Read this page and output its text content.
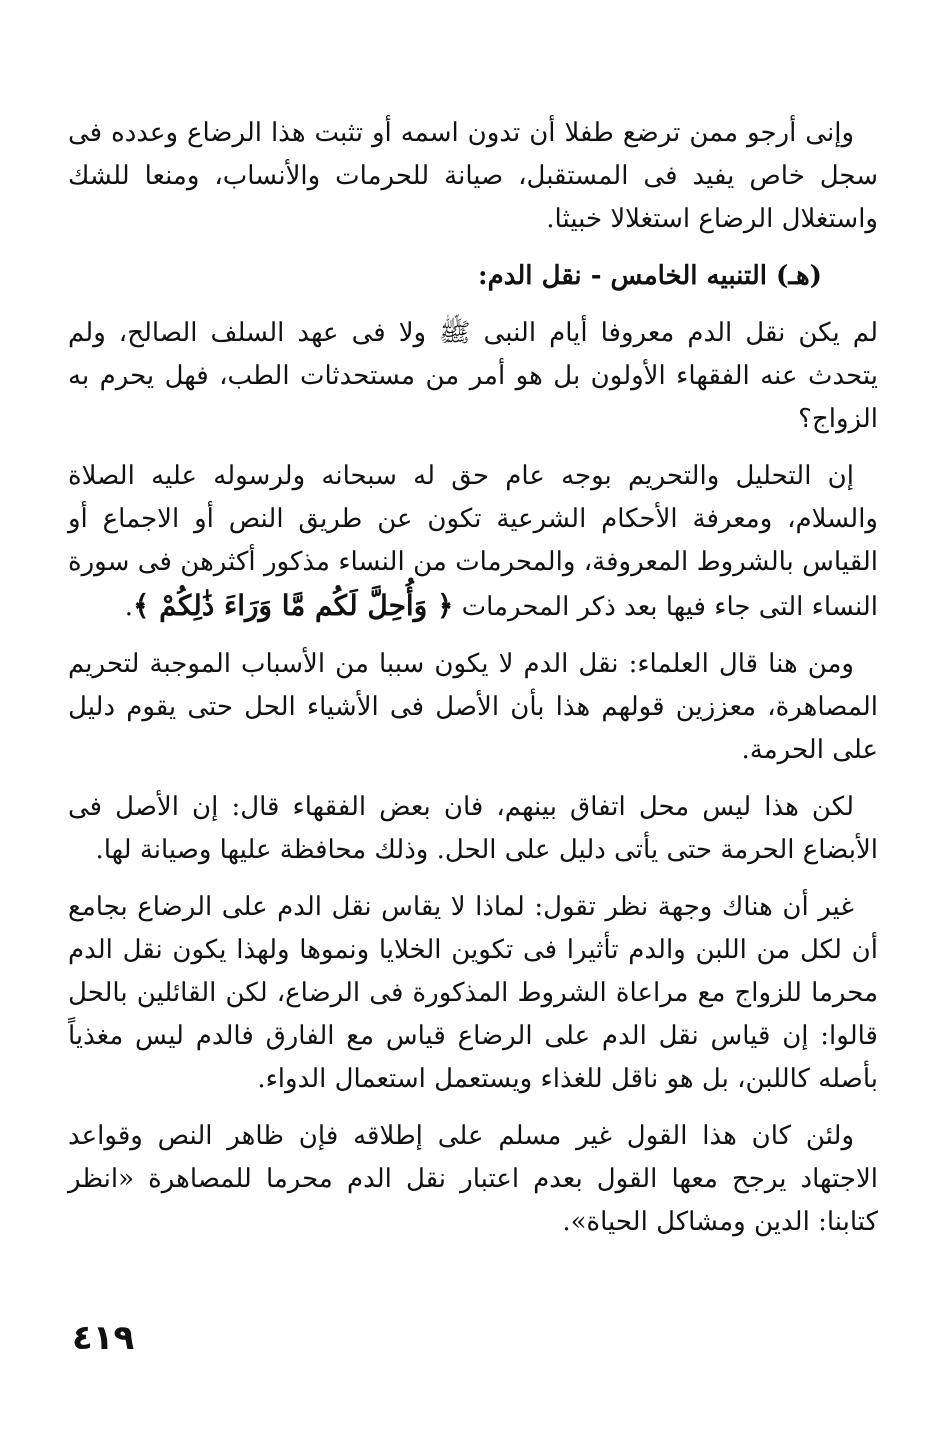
وإنى أرجو ممن ترضع طفلا أن تدون اسمه أو تثبت هذا الرضاع وعدده فى سجل خاص يفيد فى المستقبل، صيانة للحرمات والأنساب، ومنعا للشك واستغلال الرضاع استغلالا خبيثا.

(هـ) التنبيه الخامس - نقل الدم:

لم يكن نقل الدم معروفا أيام النبى ﷺ ولا فى عهد السلف الصالح، ولم يتحدث عنه الفقهاء الأولون بل هو أمر من مستحدثات الطب، فهل يحرم به الزواج؟

إن التحليل والتحريم بوجه عام حق له سبحانه ولرسوله عليه الصلاة والسلام، ومعرفة الأحكام الشرعية تكون عن طريق النص أو الاجماع أو القياس بالشروط المعروفة، والمحرمات من النساء مذكور أكثرهن فى سورة النساء التى جاء فيها بعد ذكر المحرمات ﴿ وَأُحِلَّ لَكُم مَّا وَرَاءَ ذَٰلِكُمْ ﴾.

ومن هنا قال العلماء: نقل الدم لا يكون سببا من الأسباب الموجبة لتحريم المصاهرة، معززين قولهم هذا بأن الأصل فى الأشياء الحل حتى يقوم دليل على الحرمة.

لكن هذا ليس محل اتفاق بينهم، فان بعض الفقهاء قال: إن الأصل فى الأبضاع الحرمة حتى يأتى دليل على الحل. وذلك محافظة عليها وصيانة لها.

غير أن هناك وجهة نظر تقول: لماذا لا يقاس نقل الدم على الرضاع بجامع أن لكل من اللبن والدم تأثيرا فى تكوين الخلايا ونموها ولهذا يكون نقل الدم محرما للزواج مع مراعاة الشروط المذكورة فى الرضاع، لكن القائلين بالحل قالوا: إن قياس نقل الدم على الرضاع قياس مع الفارق فالدم ليس مغذياً بأصله كاللبن، بل هو ناقل للغذاء ويستعمل استعمال الدواء.

ولئن كان هذا القول غير مسلم على إطلاقه فإن ظاهر النص وقواعد الاجتهاد يرجح معها القول بعدم اعتبار نقل الدم محرما للمصاهرة «انظر كتابنا: الدين ومشاكل الحياة».

٤١٩
